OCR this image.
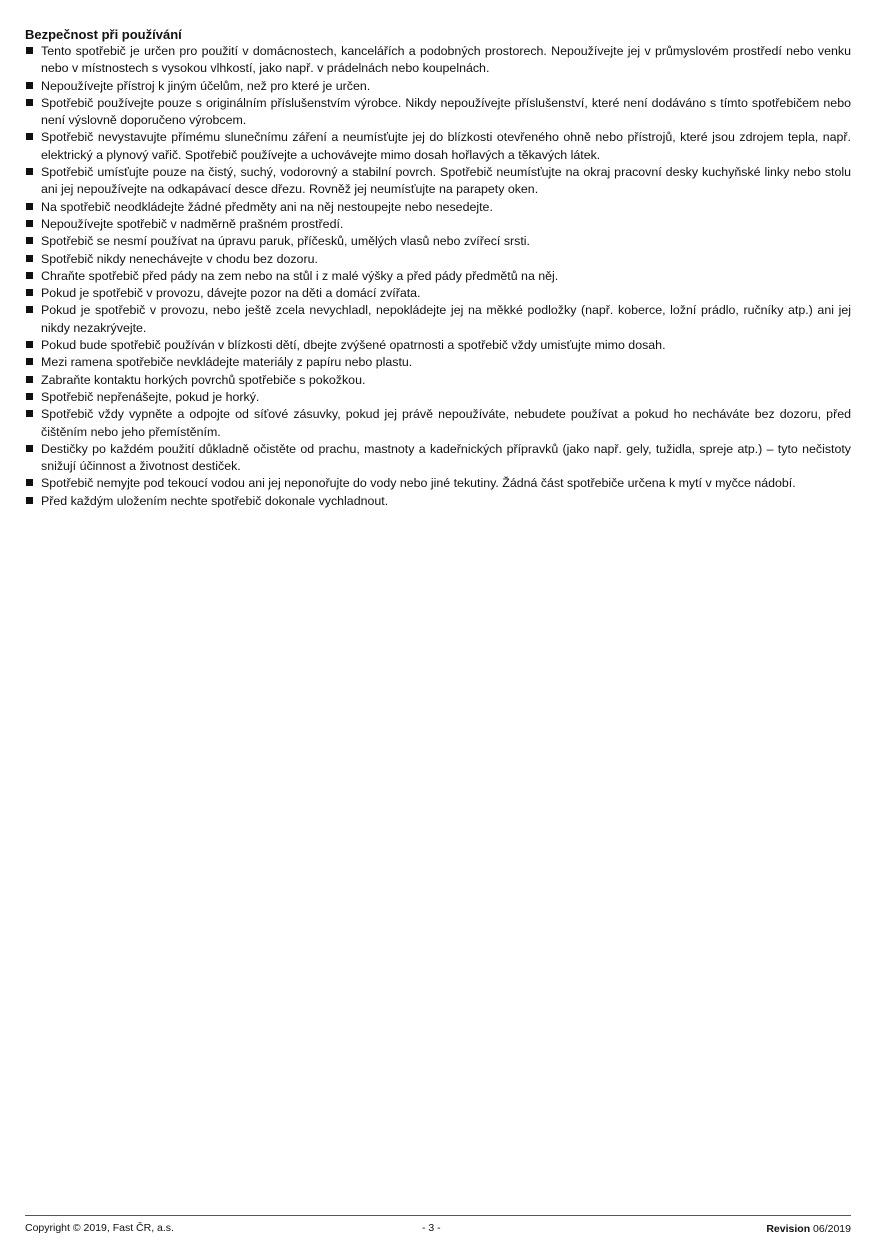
Bezpečnost při používání
Tento spotřebič je určen pro použití v domácnostech, kancelářích a podobných prostorech. Nepoužívejte jej v průmyslovém prostředí nebo venku nebo v místnostech s vysokou vlhkostí, jako např. v prádelnách nebo koupelnách.
Nepoužívejte přístroj k jiným účelům, než pro které je určen.
Spotřebič používejte pouze s originálním příslušenstvím výrobce. Nikdy nepoužívejte příslušenství, které není dodáváno s tímto spotřebičem nebo není výslovně doporučeno výrobcem.
Spotřebič nevystavujte přímému slunečnímu záření a neumísťujte jej do blízkosti otevřeného ohně nebo přístrojů, které jsou zdrojem tepla, např. elektrický a plynový vařič. Spotřebič používejte a uchovávejte mimo dosah hořlavých a těkavých látek.
Spotřebič umísťujte pouze na čistý, suchý, vodorovný a stabilní povrch. Spotřebič neumísťujte na okraj pracovní desky kuchyňské linky nebo stolu ani jej nepoužívejte na odkapávací desce dřezu. Rovněž jej neumísťujte na parapety oken.
Na spotřebič neodkládejte žádné předměty ani na něj nestoupejte nebo nesedejte.
Nepoužívejte spotřebič v nadměrně prašném prostředí.
Spotřebič se nesmí používat na úpravu paruk, příčesků, umělých vlasů nebo zvířecí srsti.
Spotřebič nikdy nenechávejte v chodu bez dozoru.
Chraňte spotřebič před pády na zem nebo na stůl i z malé výšky a před pády předmětů na něj.
Pokud je spotřebič v provozu, dávejte pozor na děti a domácí zvířata.
Pokud je spotřebič v provozu, nebo ještě zcela nevychladl, nepokládejte jej na měkké podložky (např. koberce, ložní prádlo, ručníky atp.) ani jej nikdy nezakrývejte.
Pokud bude spotřebič používán v blízkosti dětí, dbejte zvýšené opatrnosti a spotřebič vždy umisťujte mimo dosah.
Mezi ramena spotřebiče nevkládejte materiály z papíru nebo plastu.
Zabraňte kontaktu horkých povrchů spotřebiče s pokožkou.
Spotřebič nepřenášejte, pokud je horký.
Spotřebič vždy vypněte a odpojte od síťové zásuvky, pokud jej právě nepoužíváte, nebudete používat a pokud ho necháváte bez dozoru, před čištěním nebo jeho přemístěním.
Destičky po každém použití důkladně očistěte od prachu, mastnoty a kadeřnických přípravků (jako např. gely, tužidla, spreje atp.) – tyto nečistoty snižují účinnost a životnost destiček.
Spotřebič nemyjte pod tekoucí vodou ani jej neponořujte do vody nebo jiné tekutiny. Žádná část spotřebiče určena k mytí v myčce nádobí.
Před každým uložením nechte spotřebič dokonale vychladnout.
Copyright © 2019, Fast ČR, a.s.	- 3 -	Revision 06/2019
